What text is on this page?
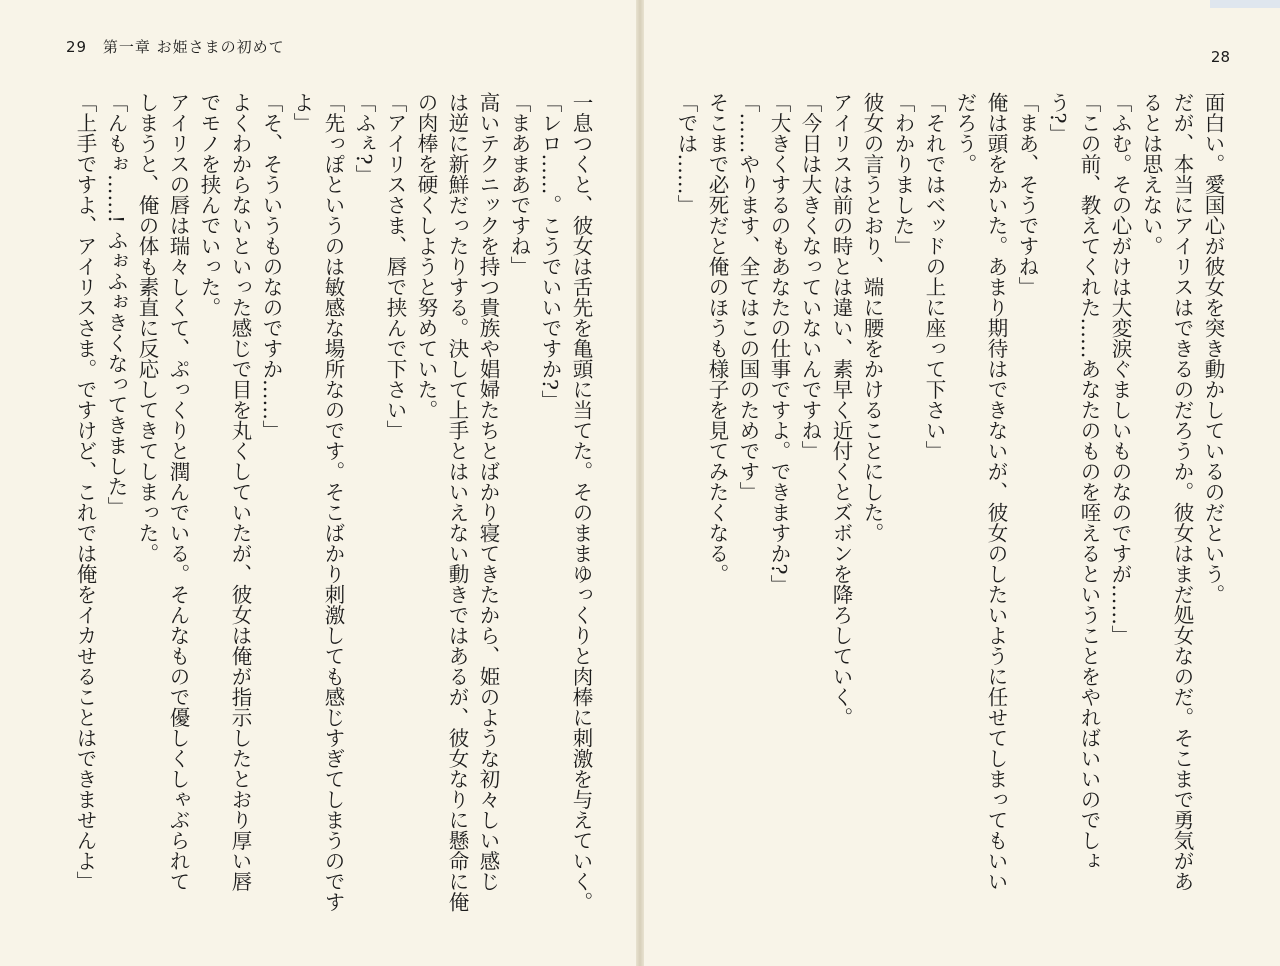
29 第一章 お姫さまの初めて
28
面白い。愛国心が彼女を突き動かしているのだという。
だが、本当にアイリスはできるのだろうか。彼女はまだ処女なのだ。そこまで勇気があ
るとは思えない。
「ふむ。その心がけは大変涙ぐましいものなのですが……」
「この前、教えてくれた……あなたのものを咥えるということをやればいいのでしょう?」
「まあ、そうですね」
俺は頭をかいた。あまり期待はできないが、彼女のしたいように任せてしまってもいい
だろう。
「それではベッドの上に座って下さい」
「わかりました」
彼女の言うとおり、端に腰をかけることにした。
アイリスは前の時とは違い、素早く近付くとズボンを降ろしていく。
「今日は大きくなっていないんですね」
「大きくするのもあなたの仕事ですよ。できますか?」
「……やります、全てはこの国のためです」
そこまで必死だと俺のほうも様子を見てみたくなる。
「では……」
一息つくと、彼女は舌先を亀頭に当てた。そのままゆっくりと肉棒に刺激を与えていく。
「レロ……。こうでいいですか?」
「まあまあですね」
高いテクニックを持つ貴族や娼婦たちとばかり寝てきたから、姫のような初々しい感じ
は逆に新鮮だったりする。決して上手とはいえない動きではあるが、彼女なりに懸命に俺
の肉棒を硬くしようと努めていた。
「アイリスさま、唇で挟んで下さい」
「ふぇ?」
「先っぽというのは敏感な場所なのです。そこばかり刺激しても感じすぎてしまうのです
よ」
「そ、そういうものなのですか……」
よくわからないといった感じで目を丸くしていたが、彼女は俺が指示したとおり厚い唇
でモノを挟んでいった。
アイリスの唇は瑞々しくて、ぷっくりと潤んでいる。そんなもので優しくしゃぶられて
しまうと、俺の体も素直に反応してきてしまった。
「んもぉ……! ふぉふぉきくなってきました」
「上手ですよ、アイリスさま。ですけど、これでは俺をイカせることはできませんよ」
